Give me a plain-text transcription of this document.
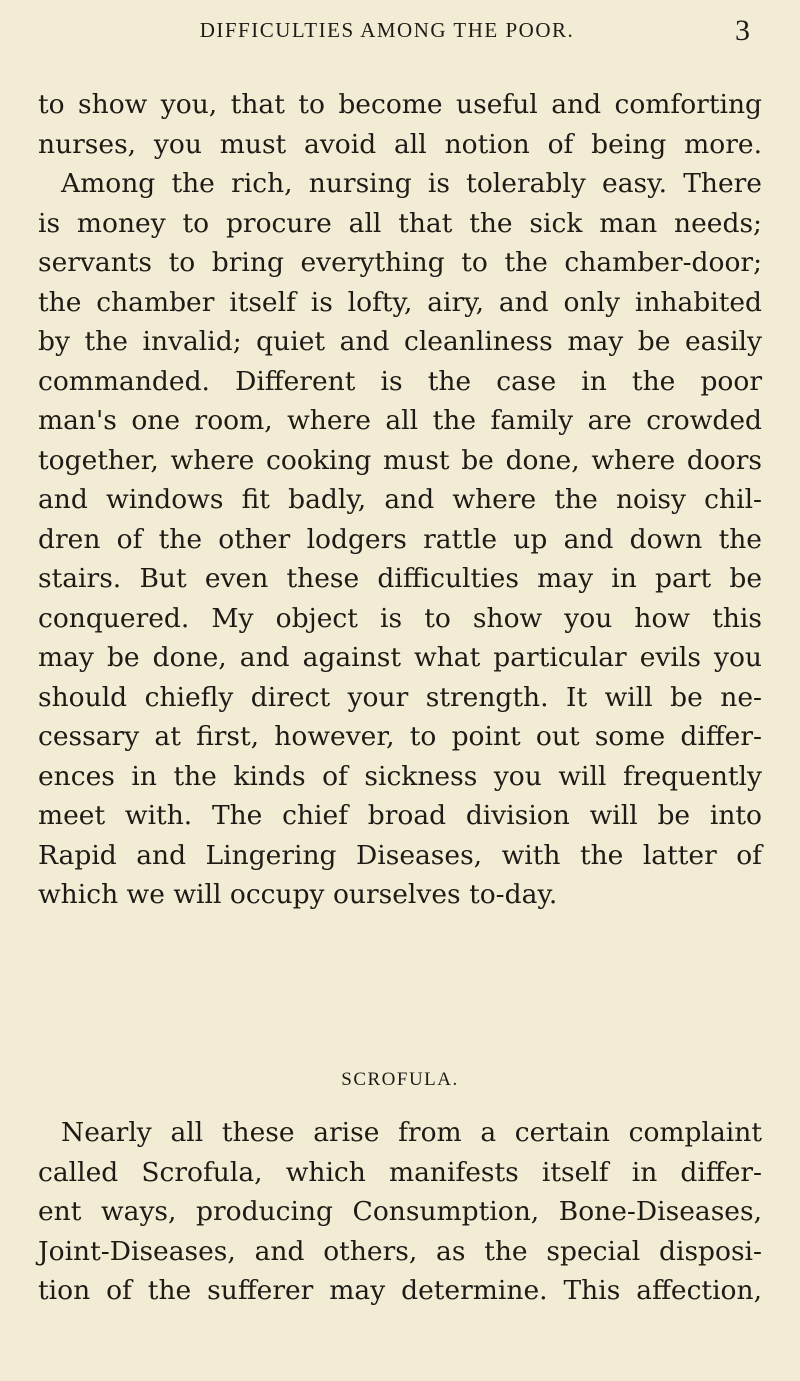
DIFFICULTIES AMONG THE POOR.	3
to show you, that to become useful and comforting
nurses, you must avoid all notion of being more.
Among the rich, nursing is tolerably easy. There
is money to procure all that the sick man needs;
servants to bring everything to the chamber-door;
the chamber itself is lofty, airy, and only inhabited
by the invalid; quiet and cleanliness may be easily
commanded. Different is the case in the poor
man's one room, where all the family are crowded
together, where cooking must be done, where doors
and windows fit badly, and where the noisy chil-
dren of the other lodgers rattle up and down the
stairs. But even these difficulties may in part be
conquered. My object is to show you how this
may be done, and against what particular evils you
should chiefly direct your strength. It will be ne-
cessary at first, however, to point out some differ-
ences in the kinds of sickness you will frequently
meet with. The chief broad division will be into
Rapid and Lingering Diseases, with the latter of
which we will occupy ourselves to-day.
SCROFULA.
Nearly all these arise from a certain complaint
called Scrofula, which manifests itself in differ-
ent ways, producing Consumption, Bone-Diseases,
Joint-Diseases, and others, as the special disposi-
tion of the sufferer may determine. This affection,
